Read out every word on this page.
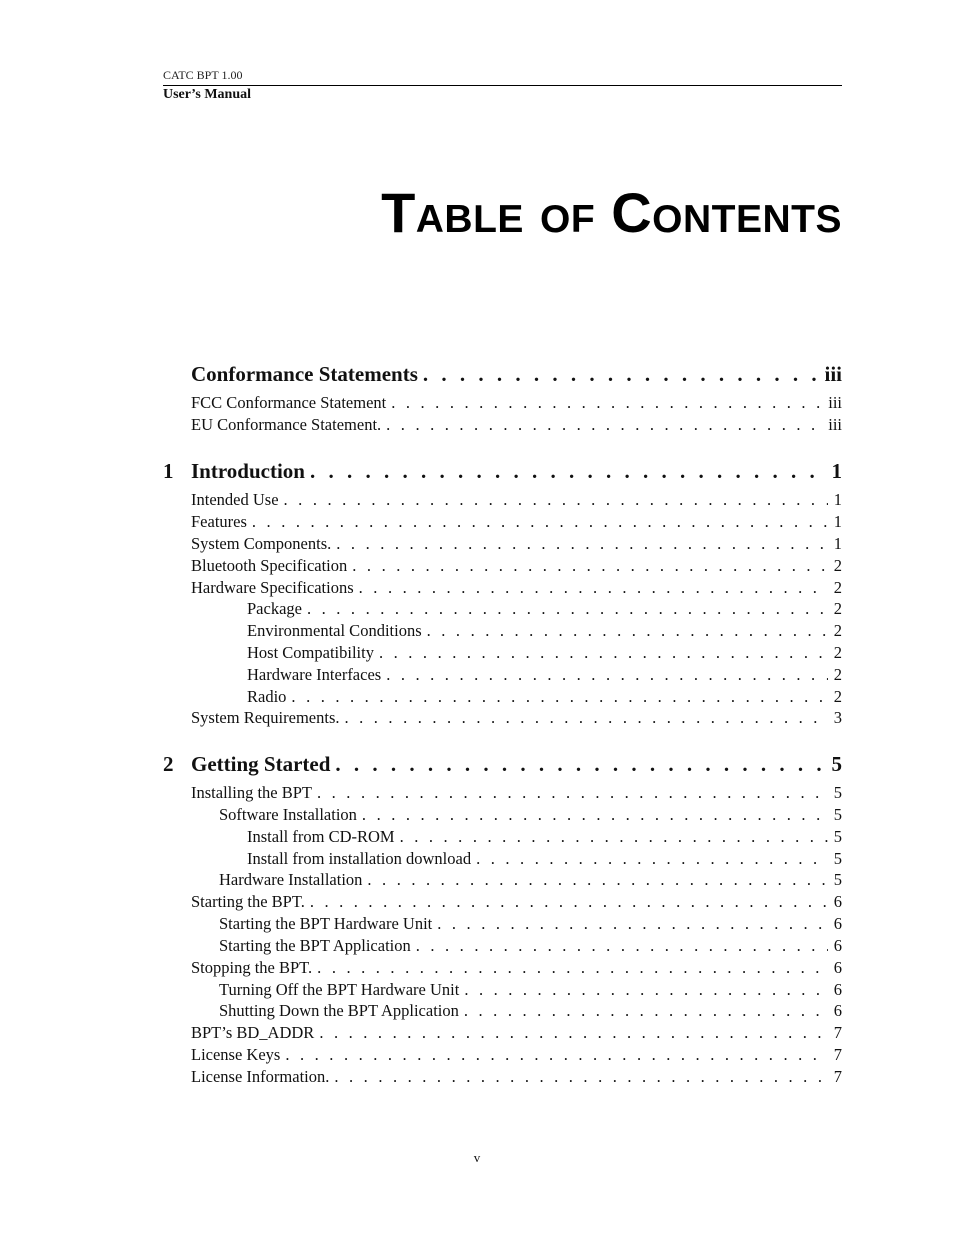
CATC BPT 1.00
User’s Manual
Table of Contents
Conformance Statements . . .	iii
FCC Conformance Statement . . .	iii
EU Conformance Statement. . . .	iii
1 Introduction . . .	1
Intended Use . . .	1
Features . . .	1
System Components. . . .	1
Bluetooth Specification . . .	2
Hardware Specifications . . .	2
Package . . .	2
Environmental Conditions . . .	2
Host Compatibility . . .	2
Hardware Interfaces . . .	2
Radio . . .	2
System Requirements. . . .	3
2 Getting Started . . .	5
Installing the BPT . . .	5
Software Installation . . .	5
Install from CD-ROM . . .	5
Install from installation download . . .	5
Hardware Installation . . .	5
Starting the BPT. . . .	6
Starting the BPT Hardware Unit . . .	6
Starting the BPT Application . . .	6
Stopping the BPT. . . .	6
Turning Off the BPT Hardware Unit . . .	6
Shutting Down the BPT Application . . .	6
BPT’s BD_ADDR . . .	7
License Keys . . .	7
License Information. . . .	7
v
